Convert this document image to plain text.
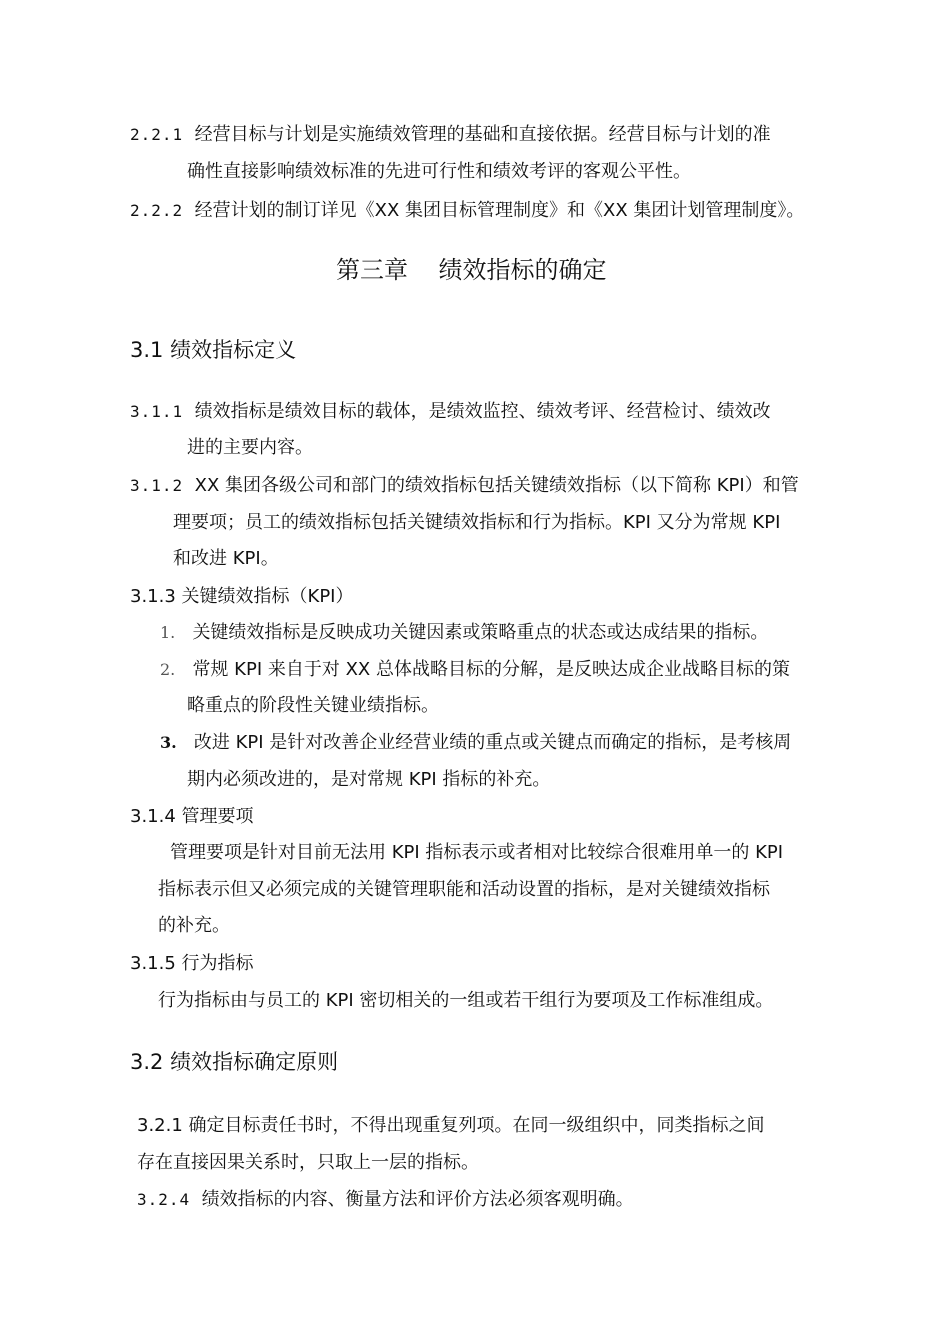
2.2.1 经营目标与计划是实施绩效管理的基础和直接依据。经营目标与计划的准
确性直接影响绩效标准的先进可行性和绩效考评的客观公平性。
2.2.2 经营计划的制订详见《XX 集团目标管理制度》和《XX 集团计划管理制度》。
第三章 绩效指标的确定
3.1 绩效指标定义
3.1.1 绩效指标是绩效目标的载体，是绩效监控、绩效考评、经营检讨、绩效改
进的主要内容。
3.1.2 XX 集团各级公司和部门的绩效指标包括关键绩效指标（以下简称 KPI）和管
理要项；员工的绩效指标包括关键绩效指标和行为指标。KPI 又分为常规 KPI
和改进 KPI。
3.1.3 关键绩效指标（KPI）
1. 关键绩效指标是反映成功关键因素或策略重点的状态或达成结果的指标。
2. 常规 KPI 来自于对 XX 总体战略目标的分解，是反映达成企业战略目标的策
略重点的阶段性关键业绩指标。
3. 改进 KPI 是针对改善企业经营业绩的重点或关键点而确定的指标，是考核周
期内必须改进的，是对常规 KPI 指标的补充。
3.1.4 管理要项
管理要项是针对目前无法用 KPI 指标表示或者相对比较综合很难用单一的 KPI
指标表示但又必须完成的关键管理职能和活动设置的指标，是对关键绩效指标
的补充。
3.1.5 行为指标
行为指标由与员工的 KPI 密切相关的一组或若干组行为要项及工作标准组成。
3.2 绩效指标确定原则
3.2.1 确定目标责任书时，不得出现重复列项。在同一级组织中，同类指标之间
存在直接因果关系时，只取上一层的指标。
3.2.4 绩效指标的内容、衡量方法和评价方法必须客观明确。
